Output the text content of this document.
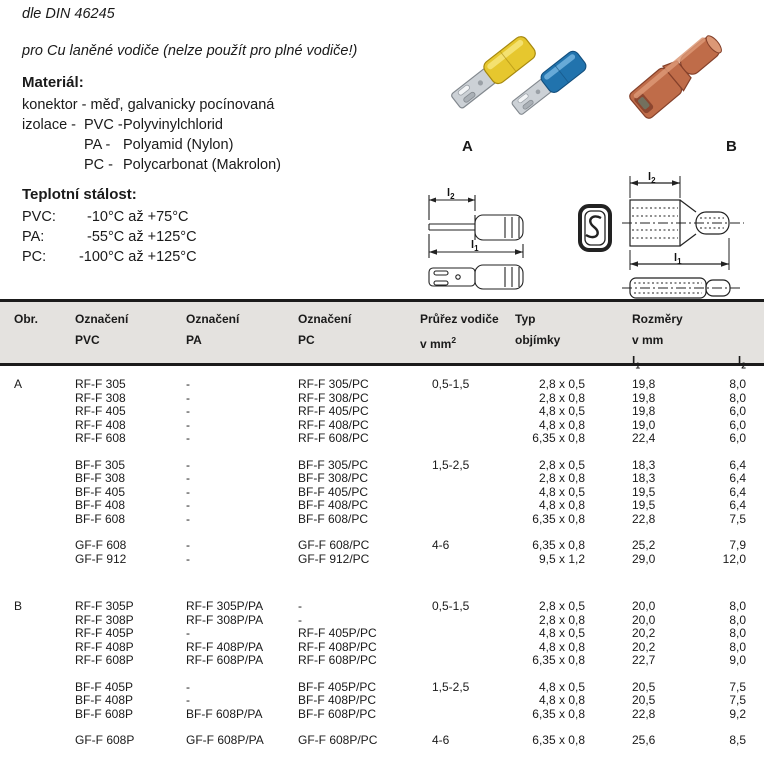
dle DIN 46245
pro Cu laněné vodiče (nelze použít pro plné vodiče!)
Materiál:
konektor - měď, galvanicky pocínovaná
izolace - PVC - Polyvinylchlorid
PA - Polyamid (Nylon)
PC - Polycarbonat (Makrolon)
Teplotní stálost:
PVC:	-10 °C až +75°C
PA:	-55 °C až +125°C
PC:	-100 °C až +125°C
A	B
$l_2$
$l_1$
$l_2$
$l_1$
Obr.	Označení
PVC
Označení
PA
Označení
PC
Průřez vodiče
v $mm^2$
Typ
objímky
Rozměry
v mm
$l_1$

	$l_2$
A	RF-F 305	-	RF-F 305/PC	0,5-1,5	2,8 x 0,5	19,8	8,0
RF-F 308	-	RF-F 308/PC	2,8 x 0,8	19,8	8,0
RF-F 405	-	RF-F 405/PC	4,8 x 0,5	19,8	6,0
RF-F 408	-	RF-F 408/PC	4,8 x 0,8	19,0	6,0
RF-F 608	-	RF-F 608/PC	6,35 x 0,8	22,4	6,0
BF-F 305	-	BF-F 305/PC	1,5-2,5	2,8 x 0,5	18,3	6,4
BF-F 308	-	BF-F 308/PC	2,8 x 0,8	18,3	6,4
BF-F 405	-	BF-F 405/PC	4,8 x 0,5	19,5	6,4
BF-F 408	-	BF-F 408/PC	4,8 x 0,8	19,5	6,4
BF-F 608	-	BF-F 608/PC	6,35 x 0,8	22,8	7,5
GF-F 608	-	GF-F 608/PC	4-6	6,35 x 0,8	25,2	7,9
GF-F 912	-	GF-F 912/PC	9,5 x 1,2	29,0	12,0
B	RF-F 305P	RF-F 305P/PA	-	0,5-1,5	2,8 x 0,5	20,0	8,0
RF-F 308P	RF-F 308P/PA	-	2,8 x 0,8	20,0	8,0
RF-F 405P	-	RF-F 405P/PC	4,8 x 0,5	20,2	8,0
RF-F 408P	RF-F 408P/PA	RF-F 408P/PC	4,8 x 0,8	20,2	8,0
RF-F 608P	RF-F 608P/PA	RF-F 608P/PC	6,35 x 0,8	22,7	9,0
BF-F 405P	-	BF-F 405P/PC	1,5-2,5	4,8 x 0,5	20,5	7,5
BF-F 408P	-	BF-F 408P/PC	4,8 x 0,8	20,5	7,5
BF-F 608P	BF-F 608P/PA	BF-F 608P/PC	6,35 x 0,8	22,8	9,2
GF-F 608P	GF-F 608P/PA	GF-F 608P/PC	4-6	6,35 x 0,8	25,6	8,5
